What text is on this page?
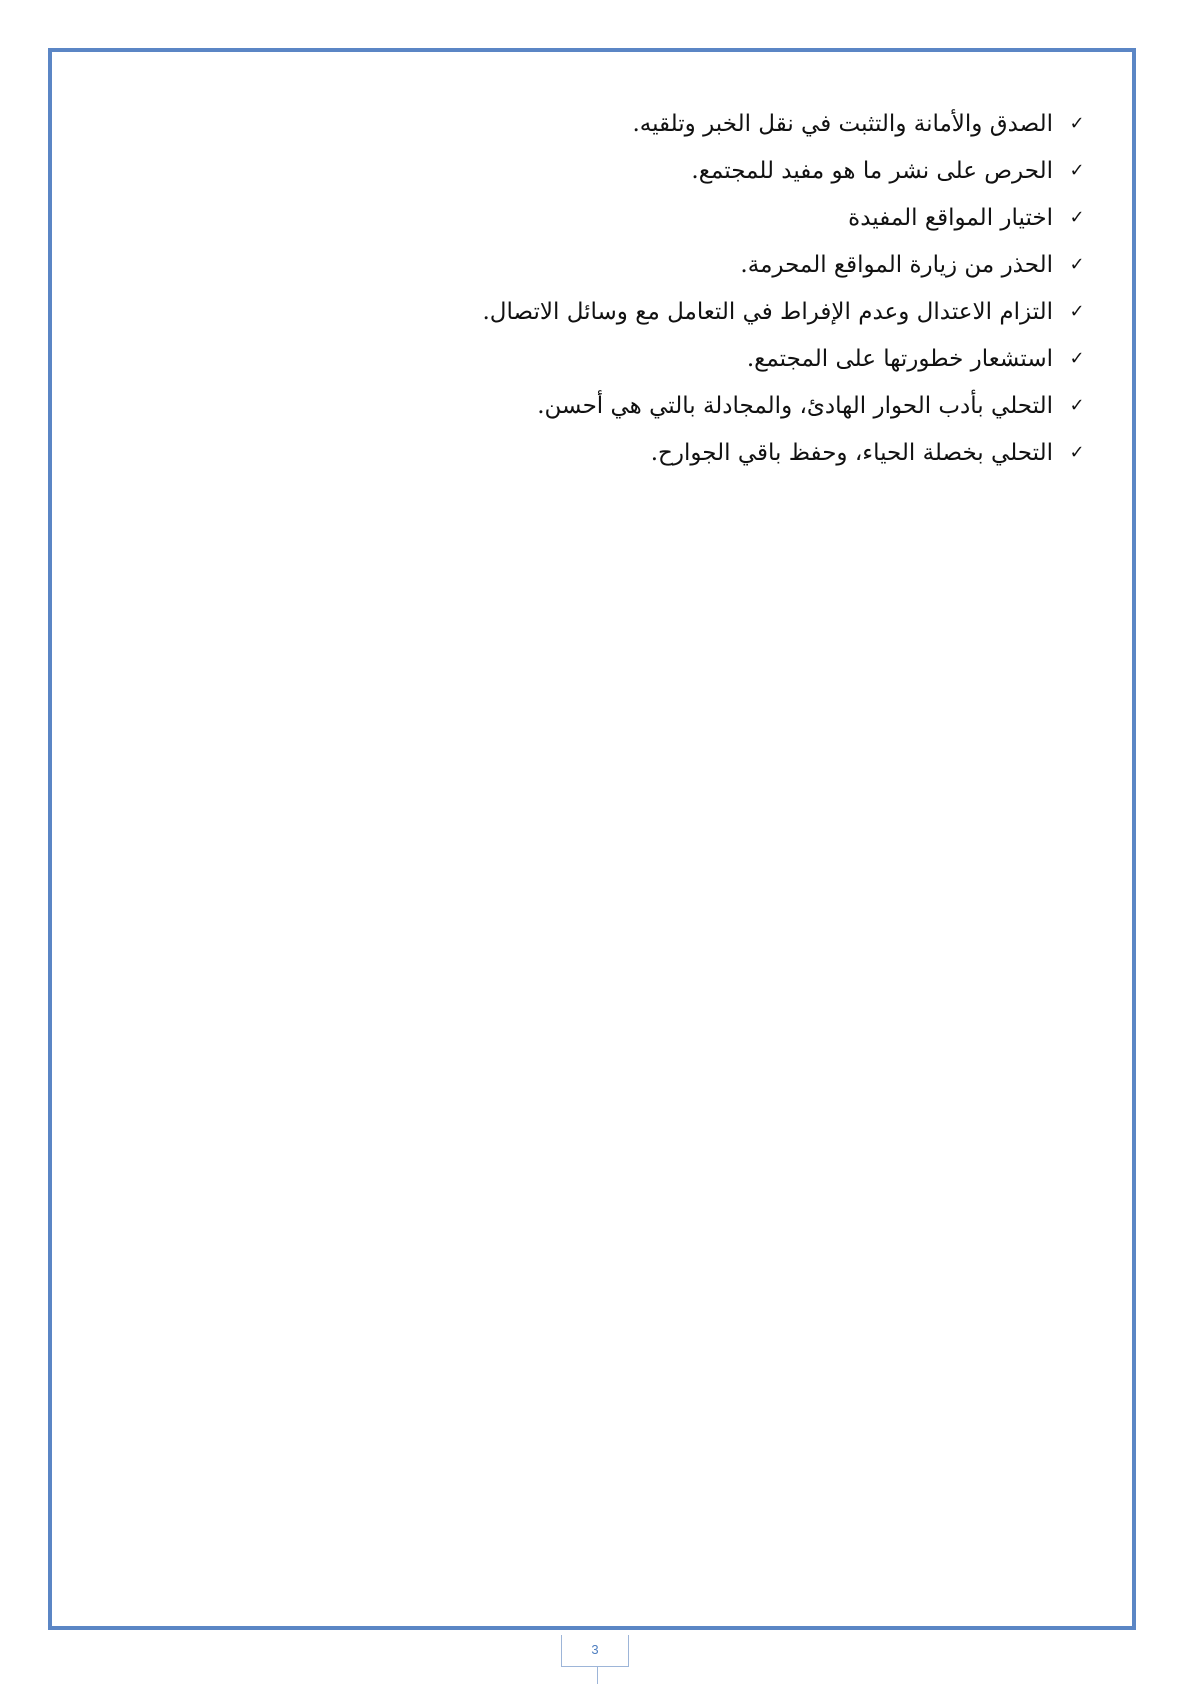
✓
الصدق والأمانة والتثبت في نقل الخبر وتلقيه.
✓
الحرص على نشر ما هو مفيد للمجتمع.
✓
اختيار المواقع المفيدة
✓
الحذر من زيارة المواقع المحرمة.
✓
التزام الاعتدال وعدم الإفراط في التعامل مع وسائل الاتصال.
✓
استشعار خطورتها على المجتمع.
✓
التحلي بأدب الحوار الهادئ، والمجادلة بالتي هي أحسن.
✓
التحلي بخصلة الحياء، وحفظ باقي الجوارح.
3
